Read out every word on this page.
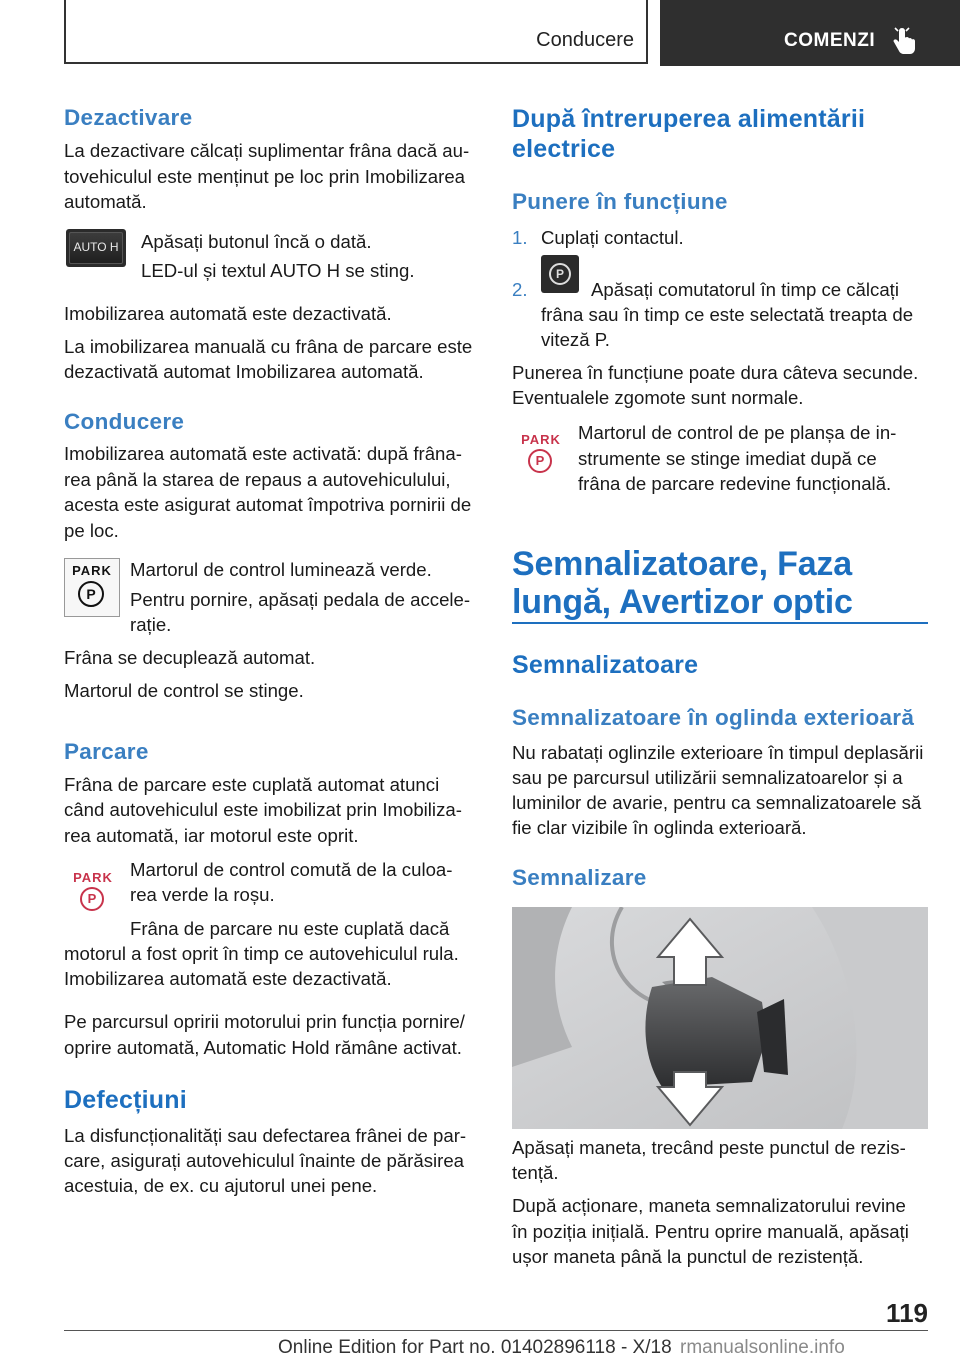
Conducere	COMENZI
Dezactivare

La dezactivare călcați suplimentar frâna dacă au-

tovehiculul este menținut pe loc prin Imobilizarea

automată.

AUTO H	Apăsați butonul încă o dată.

LED-ul și textul AUTO H se sting.

Imobilizarea automată este dezactivată.

La imobilizarea manuală cu frâna de parcare este

dezactivată automat Imobilizarea automată.

Conducere

Imobilizarea automată este activată: după frâna-

rea până la starea de repaus a autovehiculului,

acesta este asigurat automat împotriva pornirii de

pe loc.

PARK
P

Martorul de control luminează verde.

Pentru pornire, apăsați pedala de accele-

rație.

Frâna se decuplează automat.

Martorul de control se stinge.

Parcare

Frâna de parcare este cuplată automat atunci

când autovehiculul este imobilizat prin Imobiliza-

rea automată, iar motorul este oprit.

PARK
P

Martorul de control comută de la culoa-

rea verde la roșu.

Frâna de parcare nu este cuplată dacă

motorul a fost oprit în timp ce autovehiculul rula.

Imobilizarea automată este dezactivată.

Pe parcursul opririi motorului prin funcția pornire/

oprire automată, Automatic Hold rămâne activat.

Defecțiuni

La disfuncționalități sau defectarea frânei de par-

care, asigurați autovehiculul înainte de părăsirea

acestuia, de ex. cu ajutorul unei pene.

După întreruperea alimentării
electrice
Punere în funcțiune
1. Cuplați contactul.

2.
P

Apăsați comutatorul în timp ce călcați

frâna sau în timp ce este selectată treapta de

viteză P.

Punerea în funcțiune poate dura câteva secunde.

Eventualele zgomote sunt normale.

PARK
P

Martorul de control de pe planșa de in-

strumente se stinge imediat după ce

frâna de parcare redevine funcțională.

Semnalizatoare, Faza
lungă, Avertizor optic
Semnalizatoare
Semnalizatoare în oglinda exterioară

Nu rabatați oglinzile exterioare în timpul deplasării

sau pe parcursul utilizării semnalizatoarelor și a

luminilor de avarie, pentru ca semnalizatoarele să

fie clar vizibile în oglinda exterioară.

Semnalizare

Apăsați maneta, trecând peste punctul de rezis-

tență.

După acționare, maneta semnalizatorului revine

în poziția inițială. Pentru oprire manuală, apăsați

ușor maneta până la punctul de rezistență.

119
Online Edition for Part no. 01402896118 - X/18 rmanualsonline.info
